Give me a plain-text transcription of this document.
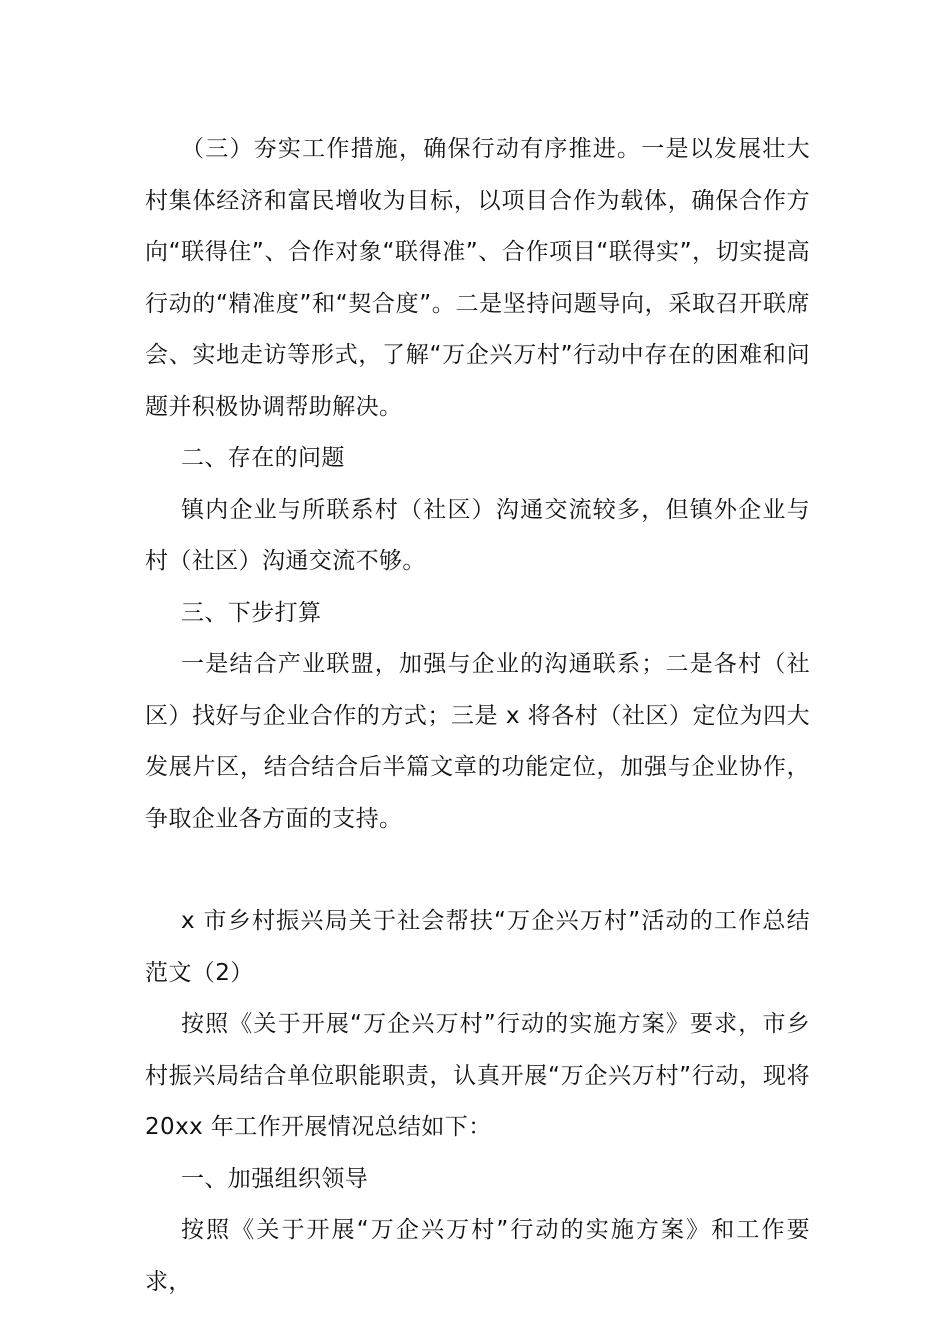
（三）夯实工作措施，确保行动有序推进。一是以发展壮大村集体经济和富民增收为目标，以项目合作为载体，确保合作方向“联得住”、合作对象“联得准”、合作项目“联得实”，切实提高行动的“精准度”和“契合度”。二是坚持问题导向，采取召开联席会、实地走访等形式，了解“万企兴万村”行动中存在的困难和问题并积极协调帮助解决。

二、存在的问题

镇内企业与所联系村（社区）沟通交流较多，但镇外企业与村（社区）沟通交流不够。

三、下步打算

一是结合产业联盟，加强与企业的沟通联系；二是各村（社区）找好与企业合作的方式；三是 x 将各村（社区）定位为四大发展片区，结合结合后半篇文章的功能定位，加强与企业协作，争取企业各方面的支持。

x 市乡村振兴局关于社会帮扶“万企兴万村”活动的工作总结范文（2）

按照《关于开展“万企兴万村”行动的实施方案》要求，市乡村振兴局结合单位职能职责，认真开展“万企兴万村”行动，现将20xx 年工作开展情况总结如下：

一、加强组织领导

按照《关于开展“万企兴万村”行动的实施方案》和工作要求，
